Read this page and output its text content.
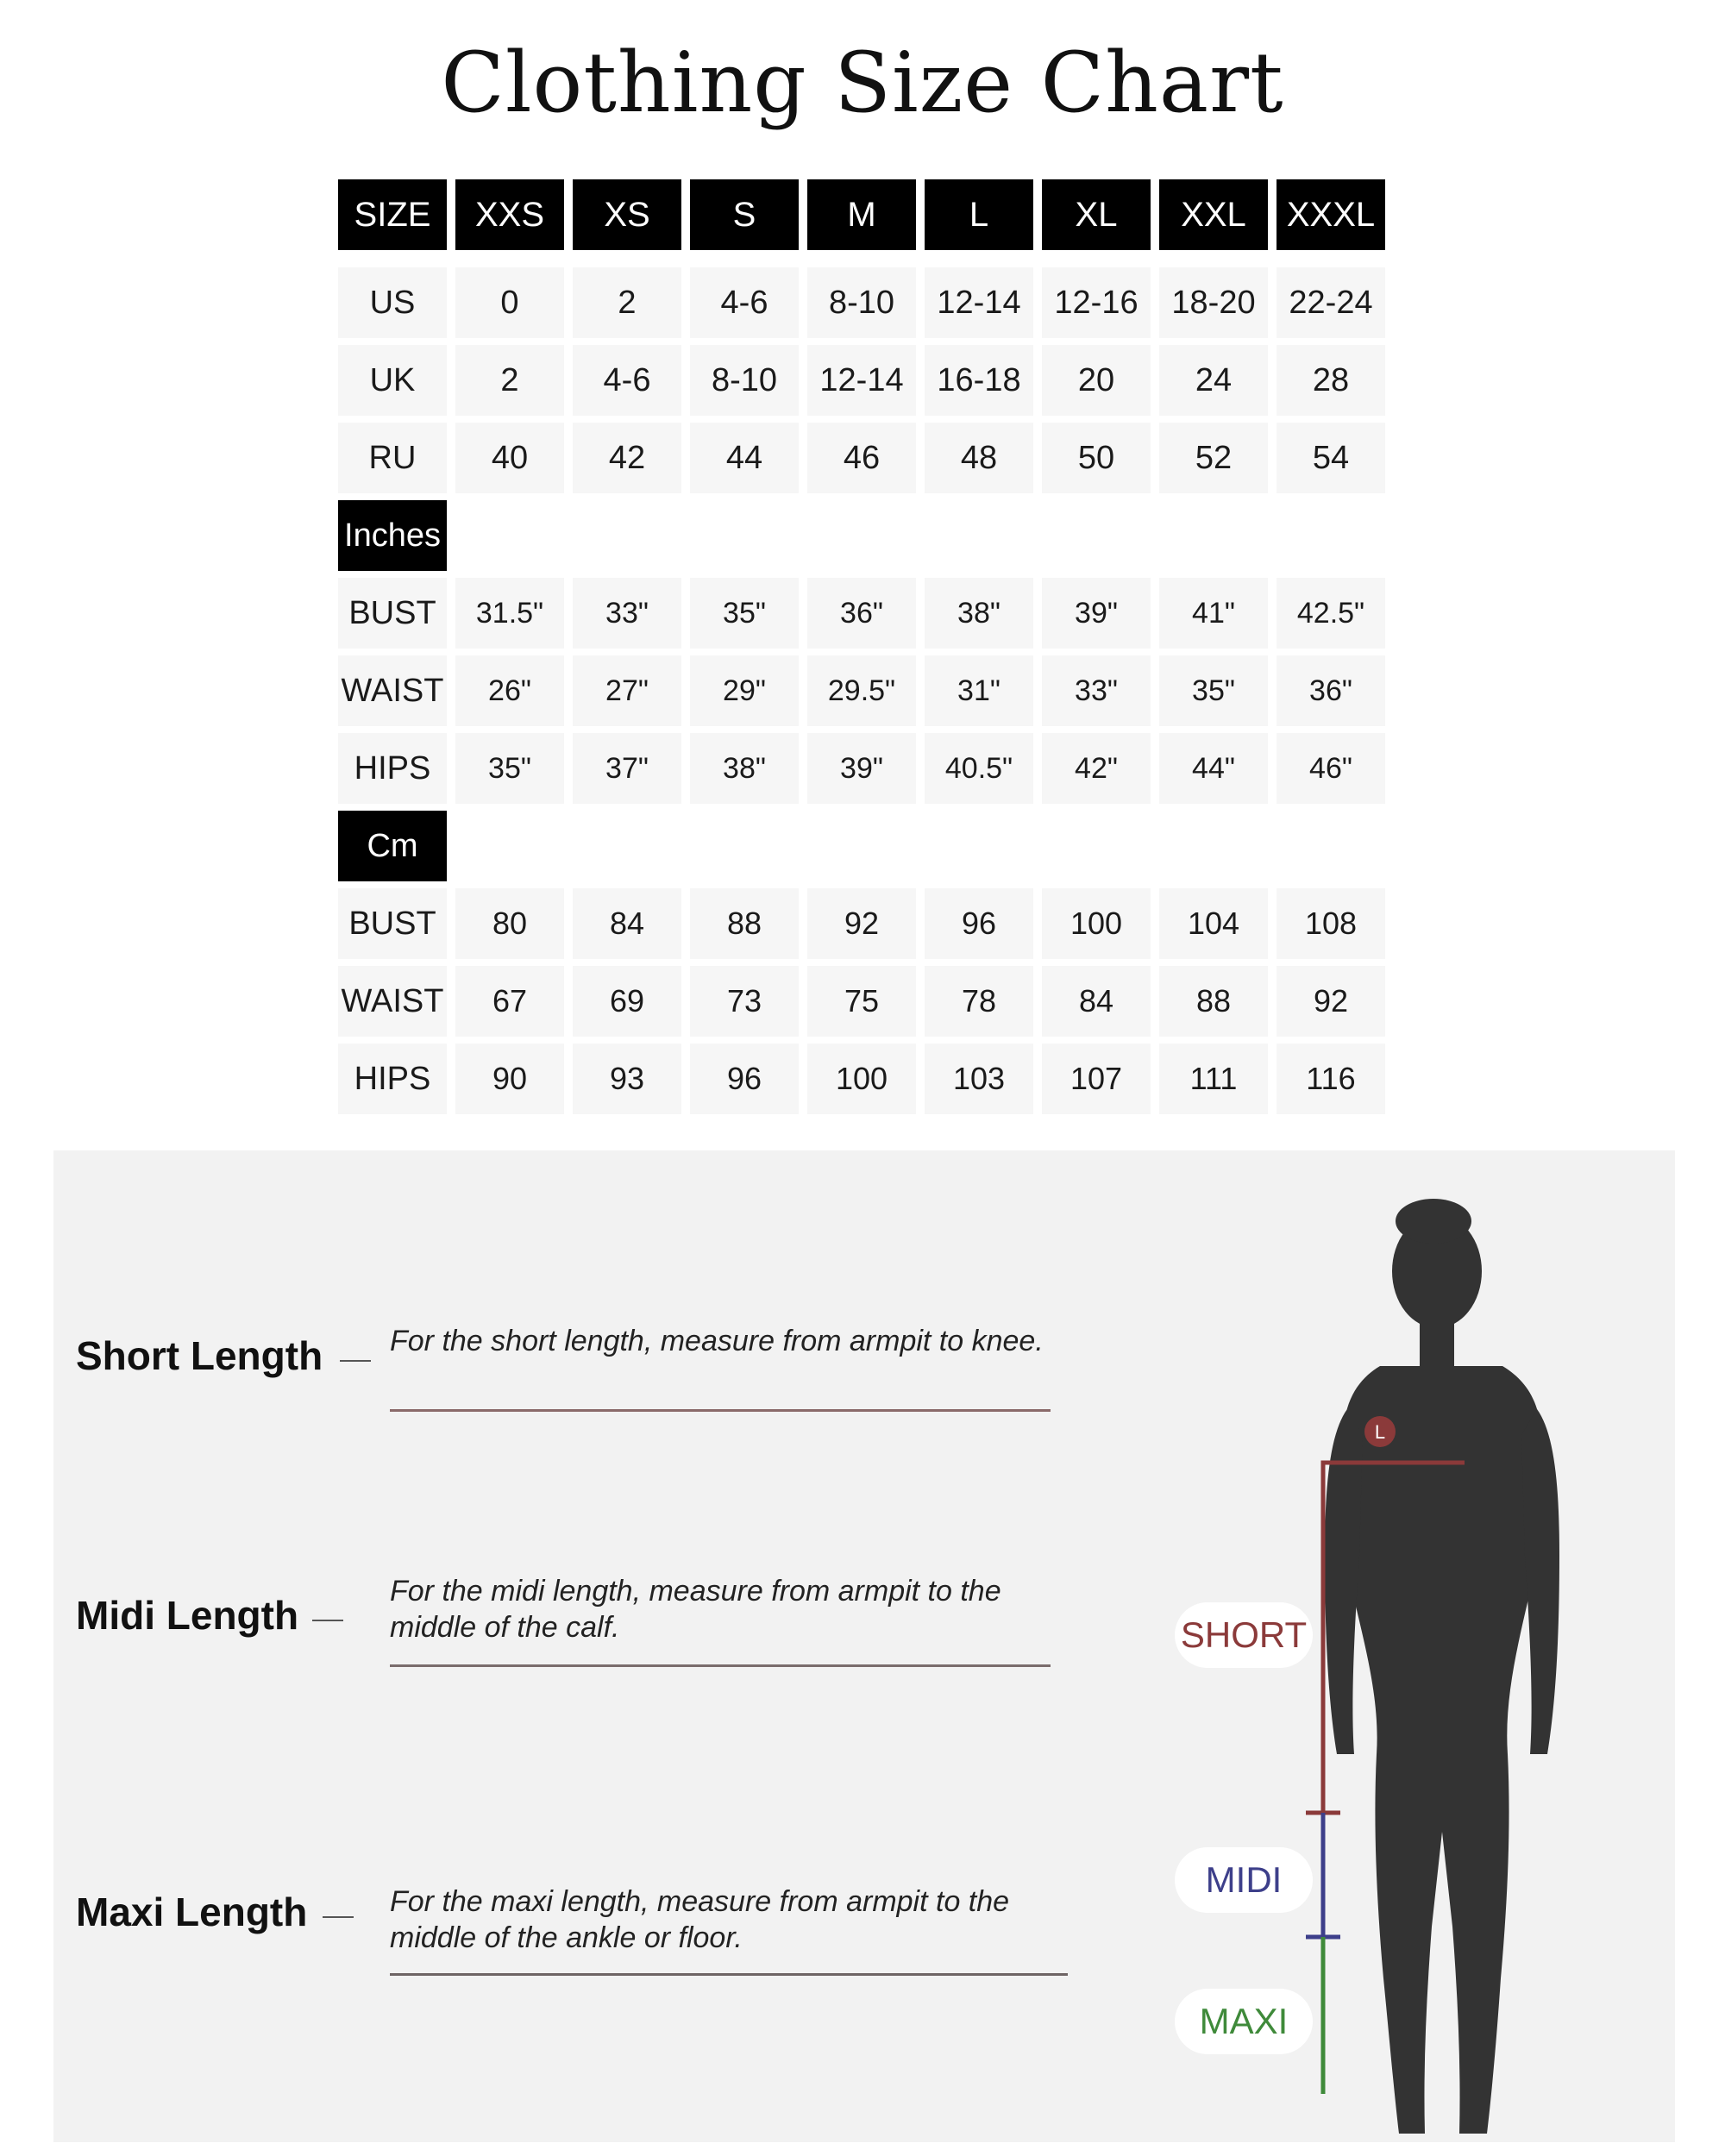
Clothing Size Chart
SIZE	XXS	XS	S	M	L	XL	XXL	XXXL
US	0	2	4-6	8-10	12-14	12-16	18-20	22-24
UK	2	4-6	8-10	12-14	16-18	20	24	28
RU	40	42	44	46	48	50	52	54
Inches
BUST	31.5"	33"	35"	36"	38"	39"	41"	42.5"
WAIST	26"	27"	29"	29.5"	31"	33"	35"	36"
HIPS	35"	37"	38"	39"	40.5"	42"	44"	46"
Cm
BUST	80	84	88	92	96	100	104	108
WAIST	67	69	73	75	78	84	88	92
HIPS	90	93	96	100	103	107	111	116
Short Length For the short length, measure from armpit to knee.
Midi Length
For the midi length, measure from armpit to the middle of the calf.
Maxi Length	For the maxi length, measure from armpit to the middle of the ankle or floor.
L
SHORT
MIDI
MAXI
